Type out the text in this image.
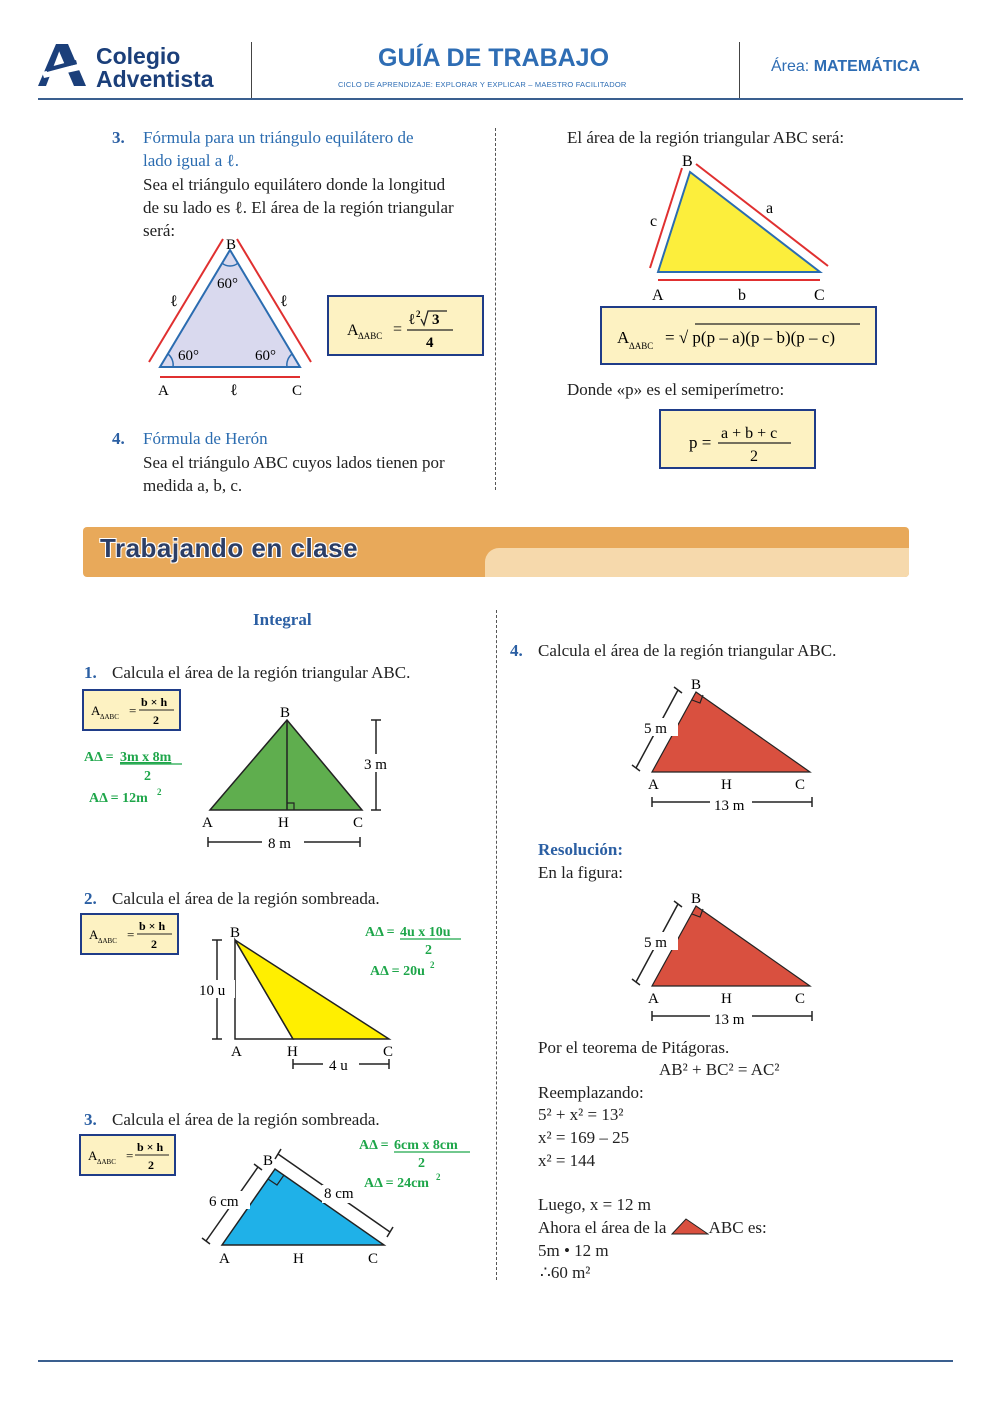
Colegio
Adventista
GUÍA DE TRABAJO
CICLO DE APRENDIZAJE: EXPLORAR Y EXPLICAR – MAESTRO FACILITADOR
Área: MATEMÁTICA
3. Fórmula para un triángulo equilátero de
lado igual a ℓ.
Sea el triángulo equilátero donde la longitud
de su lado es ℓ. El área de la región triangular
será:
B
A	C
60°
60°	60°
ℓ	ℓ
ℓ
A ΔABC =
ℓ 2 3
4
4. Fórmula de Herón
Sea el triángulo ABC cuyos lados tienen por
medida a, b, c.
El área de la región triangular ABC será:
B
A	C
a
b
c
A ΔABC = √ p(p – a)(p – b)(p – c)
Donde «p» es el semiperímetro:
p = a + b + c
2
Trabajando en clase
Integral
1. Calcula el área de la región triangular ABC.
A ΔABC =
b × h
2
AΔ = 3m x 8m
2
AΔ = 12m 2
B
A	H	C
3 m
8 m
2. Calcula el área de la región sombreada.
A ΔABC =
b × h
2
AΔ = 4u x 10u
2
AΔ = 20u 2
B
A	H	C
10 u
4 u
3. Calcula el área de la región sombreada.
A ΔABC =
b × h
2
AΔ = 6cm x 8cm
2
AΔ = 24cm 2
B
A	H	C
6 cm	8 cm
4. Calcula el área de la región triangular ABC.
B
A	H	C
5 m
13 m
Resolución:
En la figura:
B
A	H	C
5 m
13 m
Por el teorema de Pitágoras.
AB² + BC² = AC²
Reemplazando:
5² + x² = 13²
x² = 169 – 25
x² = 144
Luego, x = 12 m
Ahora el área de la ABC es:
5m • 12 m
∴60 m²
